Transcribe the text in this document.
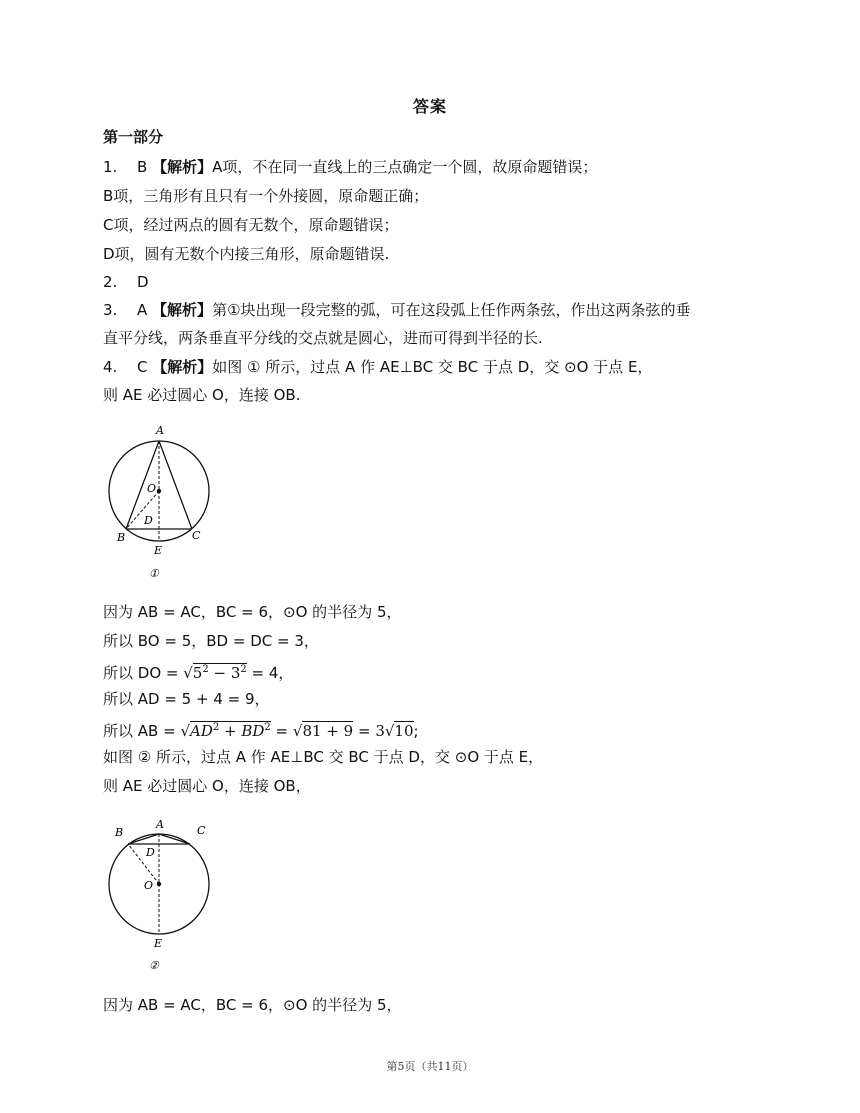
答案
第一部分
1. B 【解析】A项，不在同一直线上的三点确定一个圆，故原命题错误；
B项，三角形有且只有一个外接圆，原命题正确；
C项，经过两点的圆有无数个，原命题错误；
D项，圆有无数个内接三角形，原命题错误.
2. D
3. A 【解析】第①块出现一段完整的弧，可在这段弧上任作两条弦，作出这两条弦的垂
直平分线，两条垂直平分线的交点就是圆心，进而可得到半径的长.
4. C 【解析】如图 ① 所示，过点 A 作 AE⊥BC 交 BC 于点 D，交 ⊙O 于点 E，
则 AE 必过圆心 O，连接 OB.
A
O
D
B	C
E
①
因为 AB = AC，BC = 6，⊙O 的半径为 5，
所以 BO = 5，BD = DC = 3，
所以 DO = $√5^2 - 3^2 = 4$，
所以 AD = 5 + 4 = 9，
所以 AB = $√AD^2 + BD^2 = √81 + 9 = 3√10$;
如图 ② 所示，过点 A 作 AE⊥BC 交 BC 于点 D，交 ⊙O 于点 E，
则 AE 必过圆心 O，连接 OB，
A
B	C
D
O
E
②
因为 AB = AC，BC = 6，⊙O 的半径为 5，
第5页（共11页）
